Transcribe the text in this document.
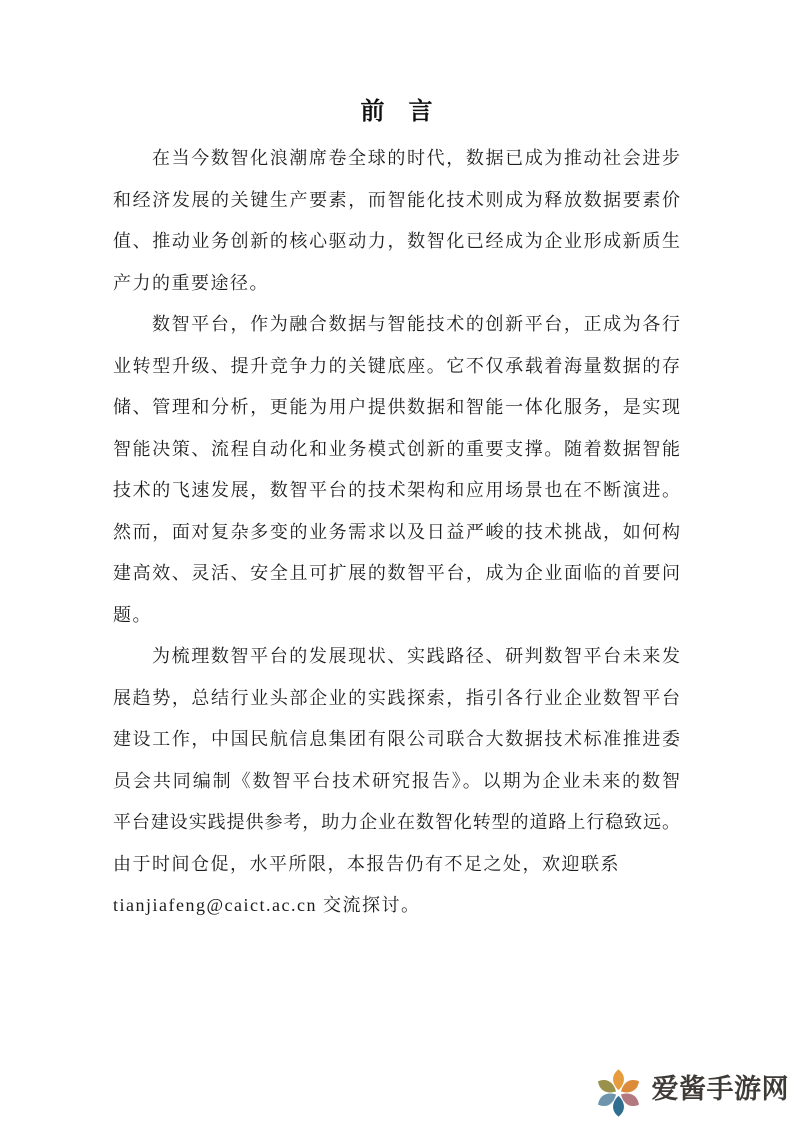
前　言
在当今数智化浪潮席卷全球的时代，数据已成为推动社会进步
和经济发展的关键生产要素，而智能化技术则成为释放数据要素价
值、推动业务创新的核心驱动力，数智化已经成为企业形成新质生
产力的重要途径。
数智平台，作为融合数据与智能技术的创新平台，正成为各行
业转型升级、提升竞争力的关键底座。它不仅承载着海量数据的存
储、管理和分析，更能为用户提供数据和智能一体化服务，是实现
智能决策、流程自动化和业务模式创新的重要支撑。随着数据智能
技术的飞速发展，数智平台的技术架构和应用场景也在不断演进。
然而，面对复杂多变的业务需求以及日益严峻的技术挑战，如何构
建高效、灵活、安全且可扩展的数智平台，成为企业面临的首要问
题。
为梳理数智平台的发展现状、实践路径、研判数智平台未来发
展趋势，总结行业头部企业的实践探索，指引各行业企业数智平台
建设工作，中国民航信息集团有限公司联合大数据技术标准推进委
员会共同编制《数智平台技术研究报告》。以期为企业未来的数智
平台建设实践提供参考，助力企业在数智化转型的道路上行稳致远。
由于时间仓促，水平所限，本报告仍有不足之处，欢迎联系
tianjiafeng@caict.ac.cn 交流探讨。
爱酱手游网
